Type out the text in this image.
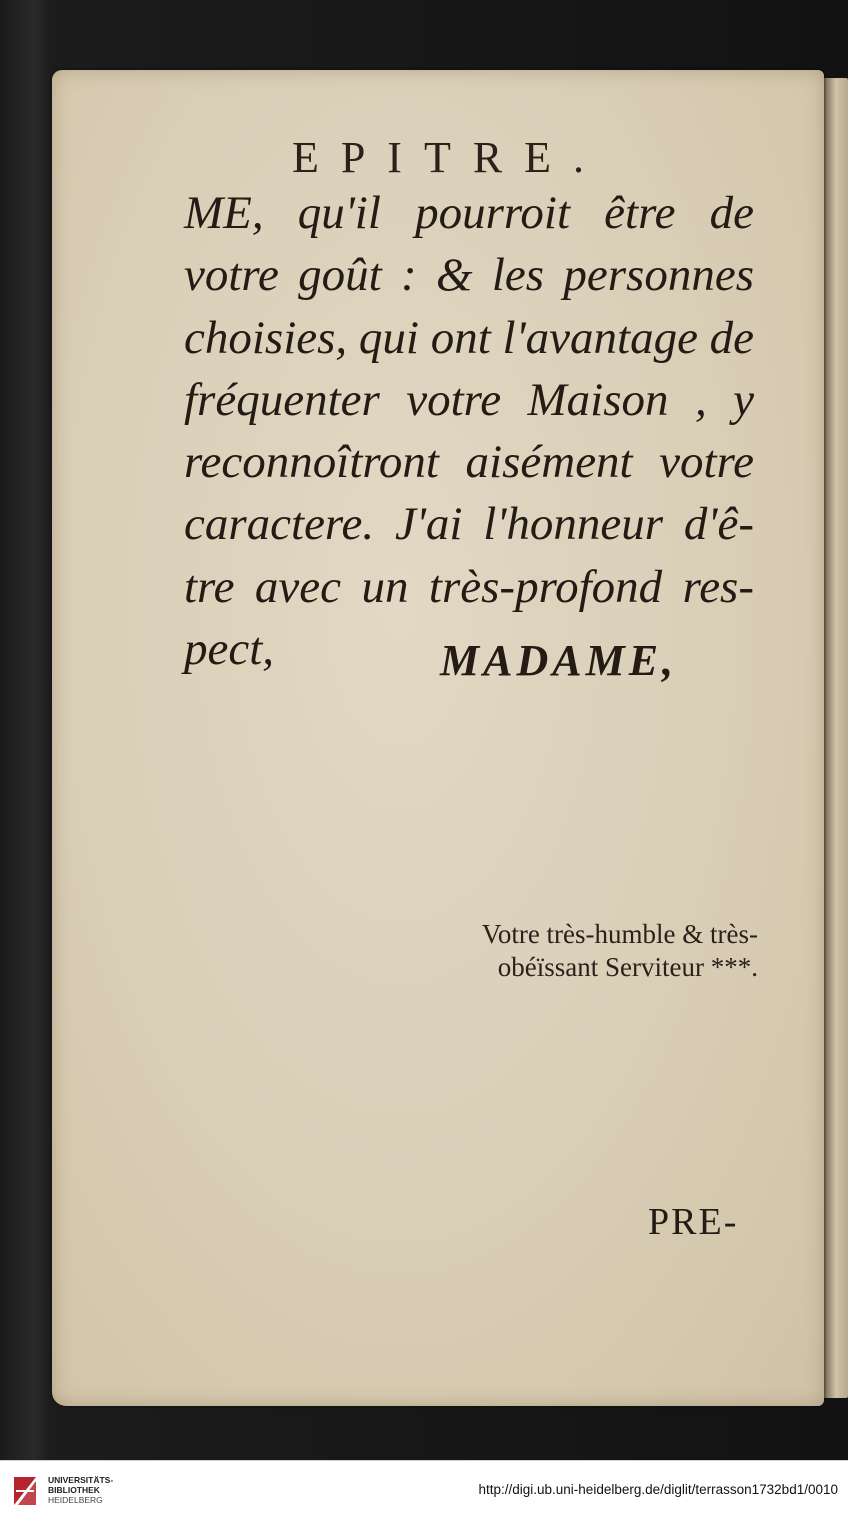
EPITRE.
ME, qu'il pourroit être de
votre goût : & les personnes
choisies, qui ont l'avantage de
fréquenter votre Maison , y
reconnoîtront aisément votre
caractere. J'ai l'honneur d'ê-
tre avec un très-profond res-
pect,	MADAME,
Votre très-humble & très-
obéïssant Serviteur ***.
PRE-
UNIVERSITÄTS-
BIBLIOTHEK
HEIDELBERG
http://digi.ub.uni-heidelberg.de/diglit/terrasson1732bd1/0010
